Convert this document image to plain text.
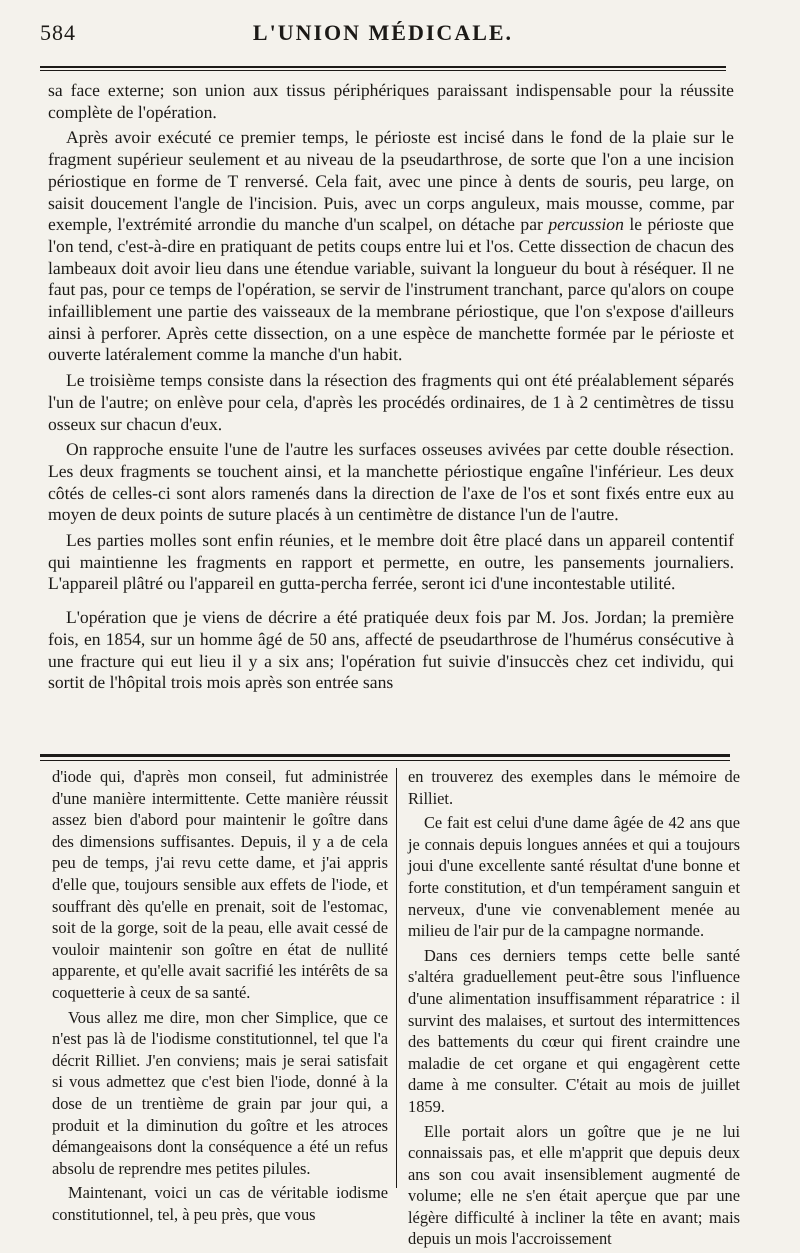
584	L'UNION MÉDICALE.

sa face externe; son union aux tissus périphériques paraissant indispensable pour la réussite complète de l'opération.

Après avoir exécuté ce premier temps, le périoste est incisé dans le fond de la plaie sur le fragment supérieur seulement et au niveau de la pseudarthrose, de sorte que l'on a une incision périostique en forme de T renversé. Cela fait, avec une pince à dents de souris, peu large, on saisit doucement l'angle de l'incision. Puis, avec un corps anguleux, mais mousse, comme, par exemple, l'extrémité arrondie du manche d'un scalpel, on détache par percussion le périoste que l'on tend, c'est-à-dire en pratiquant de petits coups entre lui et l'os. Cette dissection de chacun des lambeaux doit avoir lieu dans une étendue variable, suivant la longueur du bout à réséquer. Il ne faut pas, pour ce temps de l'opération, se servir de l'instrument tranchant, parce qu'alors on coupe infailliblement une partie des vaisseaux de la membrane périostique, que l'on s'expose d'ailleurs ainsi à perforer. Après cette dissection, on a une espèce de manchette formée par le périoste et ouverte latéralement comme la manche d'un habit.

Le troisième temps consiste dans la résection des fragments qui ont été préalablement séparés l'un de l'autre; on enlève pour cela, d'après les procédés ordinaires, de 1 à 2 centimètres de tissu osseux sur chacun d'eux.

On rapproche ensuite l'une de l'autre les surfaces osseuses avivées par cette double résection. Les deux fragments se touchent ainsi, et la manchette périostique engaîne l'inférieur. Les deux côtés de celles-ci sont alors ramenés dans la direction de l'axe de l'os et sont fixés entre eux au moyen de deux points de suture placés à un centimètre de distance l'un de l'autre.

Les parties molles sont enfin réunies, et le membre doit être placé dans un appareil contentif qui maintienne les fragments en rapport et permette, en outre, les pansements journaliers. L'appareil plâtré ou l'appareil en gutta-percha ferrée, seront ici d'une incontestable utilité.

L'opération que je viens de décrire a été pratiquée deux fois par M. Jos. Jordan; la première fois, en 1854, sur un homme âgé de 50 ans, affecté de pseudarthrose de l'humérus consécutive à une fracture qui eut lieu il y a six ans; l'opération fut suivie d'insuccès chez cet individu, qui sortit de l'hôpital trois mois après son entrée sans

d'iode qui, d'après mon conseil, fut administrée d'une manière intermittente. Cette manière réussit assez bien d'abord pour maintenir le goître dans des dimensions suffisantes. Depuis, il y a de cela peu de temps, j'ai revu cette dame, et j'ai appris d'elle que, toujours sensible aux effets de l'iode, et souffrant dès qu'elle en prenait, soit de l'estomac, soit de la gorge, soit de la peau, elle avait cessé de vouloir maintenir son goître en état de nullité apparente, et qu'elle avait sacrifié les intérêts de sa coquetterie à ceux de sa santé.

Vous allez me dire, mon cher Simplice, que ce n'est pas là de l'iodisme constitutionnel, tel que l'a décrit Rilliet. J'en conviens; mais je serai satisfait si vous admettez que c'est bien l'iode, donné à la dose de un trentième de grain par jour qui, a produit et la diminution du goître et les atroces démangeaisons dont la conséquence a été un refus absolu de reprendre mes petites pilules.

Maintenant, voici un cas de véritable iodisme constitutionnel, tel, à peu près, que vous

en trouverez des exemples dans le mémoire de Rilliet.

Ce fait est celui d'une dame âgée de 42 ans que je connais depuis longues années et qui a toujours joui d'une excellente santé résultat d'une bonne et forte constitution, et d'un tempérament sanguin et nerveux, d'une vie convenablement menée au milieu de l'air pur de la campagne normande.

Dans ces derniers temps cette belle santé s'altéra graduellement peut-être sous l'influence d'une alimentation insuffisamment réparatrice : il survint des malaises, et surtout des intermittences des battements du cœur qui firent craindre une maladie de cet organe et qui engagèrent cette dame à me consulter. C'était au mois de juillet 1859.

Elle portait alors un goître que je ne lui connaissais pas, et elle m'apprit que depuis deux ans son cou avait insensiblement augmenté de volume; elle ne s'en était aperçue que par une légère difficulté à incliner la tête en avant; mais depuis un mois l'accroissement
